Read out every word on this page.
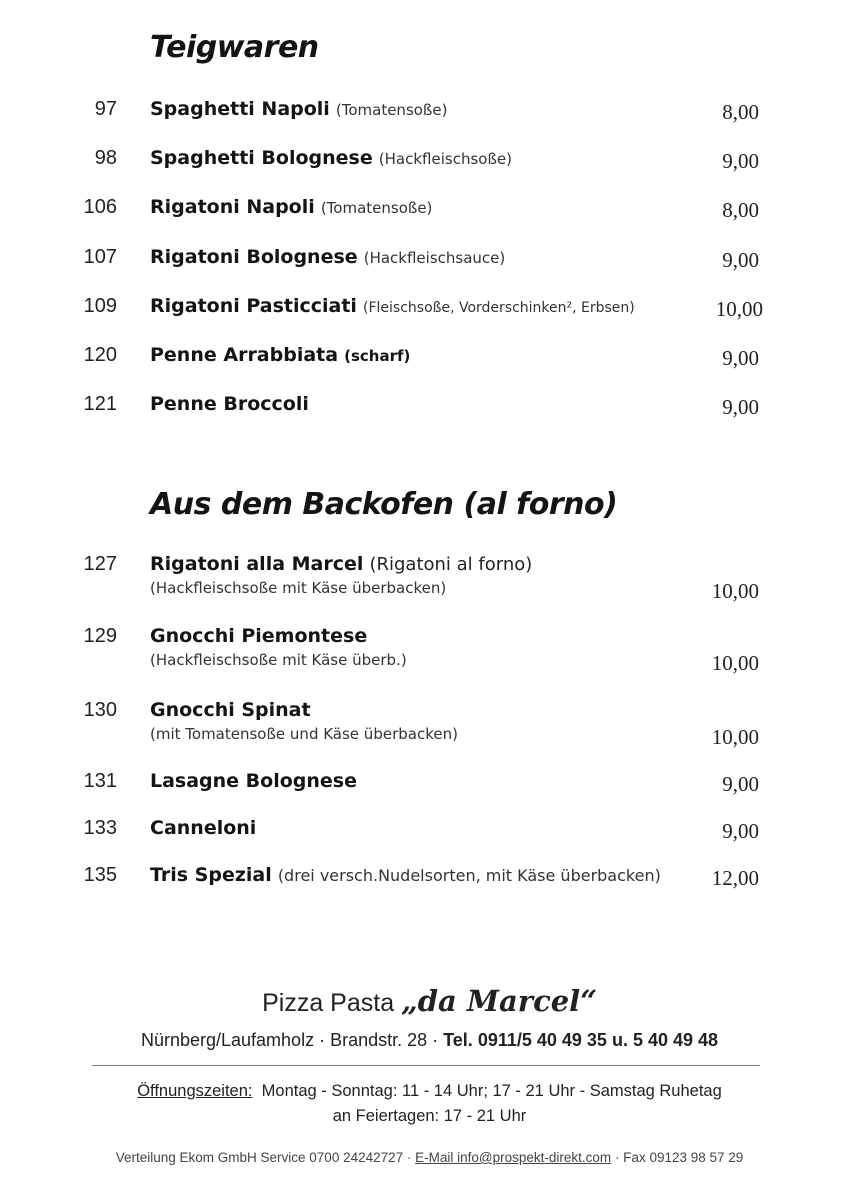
Teigwaren
97 Spaghetti Napoli (Tomatensoße)	8,00
98 Spaghetti Bolognese (Hackfleischsoße)	9,00
106 Rigatoni Napoli (Tomatensoße)	8,00
107 Rigatoni Bolognese (Hackfleischsauce)	9,00
109 Rigatoni Pasticciati (Fleischsoße, Vorderschinken², Erbsen)	10,00
120 Penne Arrabbiata (scharf)	9,00
121 Penne Broccoli	9,00
Aus dem Backofen (al forno)
127 Rigatoni alla Marcel (Rigatoni al forno)
(Hackfleischsoße mit Käse überbacken)	10,00
129 Gnocchi Piemontese
(Hackfleischsoße mit Käse überb.)	10,00
130 Gnocchi Spinat
(mit Tomatensoße und Käse überbacken)	10,00
131 Lasagne Bolognese	9,00
133 Canneloni	9,00
135 Tris Spezial (drei versch.Nudelsorten, mit Käse überbacken) 12,00
Pizza Pasta „da Marcel“
Nürnberg/Laufamholz · Brandstr. 28 · Tel. 0911/5 40 49 35 u. 5 40 49 48
Öffnungszeiten: Montag - Sonntag: 11 - 14 Uhr; 17 - 21 Uhr - Samstag Ruhetag
an Feiertagen: 17 - 21 Uhr
Verteilung Ekom GmbH Service 0700 24242727 · E-Mail info@prospekt-direkt.com · Fax 09123 98 57 29
